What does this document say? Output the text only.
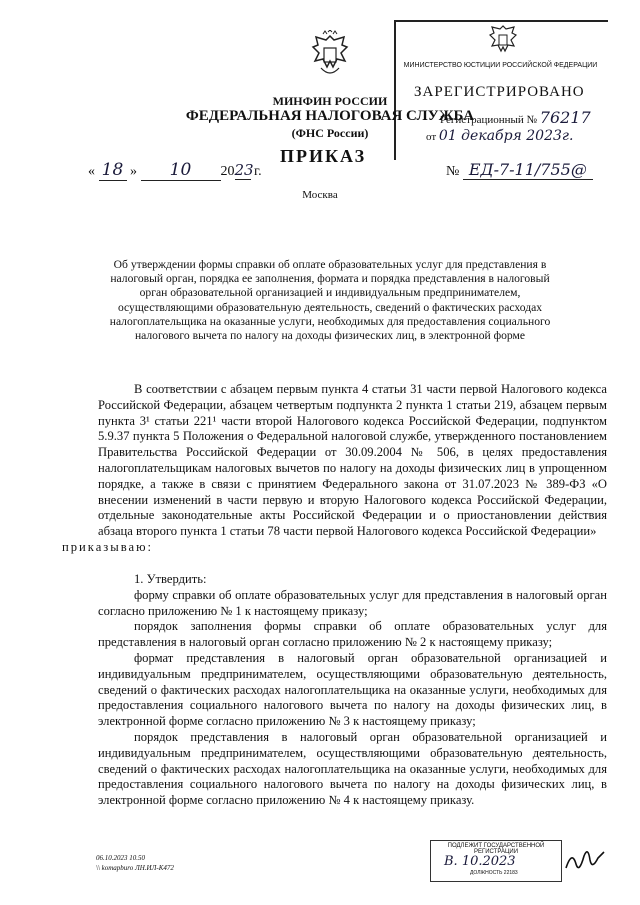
МИНИСТЕРСТВО ЮСТИЦИИ РОССИЙСКОЙ ФЕДЕРАЦИИ
ЗАРЕГИСТРИРОВАНО
Регистрационный № 76217
от 01 декабря 2023г.
МИНФИН РОССИИ
ФЕДЕРАЛЬНАЯ НАЛОГОВАЯ СЛУЖБА
(ФНС России)
ПРИКАЗ
« 18 » 10 2023 г.	№ ЕД-7-11/755@
Москва
Об утверждении формы справки об оплате образовательных услуг для представления в налоговый орган, порядка ее заполнения, формата и порядка представления в налоговый орган образовательной организацией и индивидуальным предпринимателем, осуществляющими образовательную деятельность, сведений о фактических расходах налогоплательщика на оказанные услуги, необходимых для предоставления социального налогового вычета по налогу на доходы физических лиц, в электронной форме

В соответствии с абзацем первым пункта 4 статьи 31 части первой Налогового кодекса Российской Федерации, абзацем четвертым подпункта 2 пункта 1 статьи 219, абзацем первым пункта 3¹ статьи 221¹ части второй Налогового кодекса Российской Федерации, подпунктом 5.9.37 пункта 5 Положения о Федеральной налоговой службе, утвержденного постановлением Правительства Российской Федерации от 30.09.2004 № 506, в целях предоставления налогоплательщикам налоговых вычетов по налогу на доходы физических лиц в упрощенном порядке, а также в связи с принятием Федерального закона от 31.07.2023 № 389-ФЗ «О внесении изменений в части первую и вторую Налогового кодекса Российской Федерации, отдельные законодательные акты Российской Федерации и о приостановлении действия абзаца второго пункта 1 статьи 78 части первой Налогового кодекса Российской Федерации»
приказываю:

1. Утвердить:

форму справки об оплате образовательных услуг для представления в налоговый орган согласно приложению № 1 к настоящему приказу;

порядок заполнения формы справки об оплате образовательных услуг для представления в налоговый орган согласно приложению № 2 к настоящему приказу;

формат представления в налоговый орган образовательной организацией и индивидуальным предпринимателем, осуществляющими образовательную деятельность, сведений о фактических расходах налогоплательщика на оказанные услуги, необходимых для предоставления социального налогового вычета по налогу на доходы физических лиц, в электронной форме согласно приложению № 3 к настоящему приказу;

порядок представления в налоговый орган образовательной организацией и индивидуальным предпринимателем, осуществляющими образовательную деятельность, сведений о фактических расходах налогоплательщика на оказанные услуги, необходимых для предоставления социального налогового вычета по налогу на доходы физических лиц, в электронной форме согласно приложению № 4 к настоящему приказу.

06.10.2023 10.50
\\ komapburo ЛН.ИЛ-К472
ПОДЛЕЖИТ ГОСУДАРСТВЕННОЙ РЕГИСТРАЦИИ
В. 10.2023
ДОЛЖНОСТЬ 22183
